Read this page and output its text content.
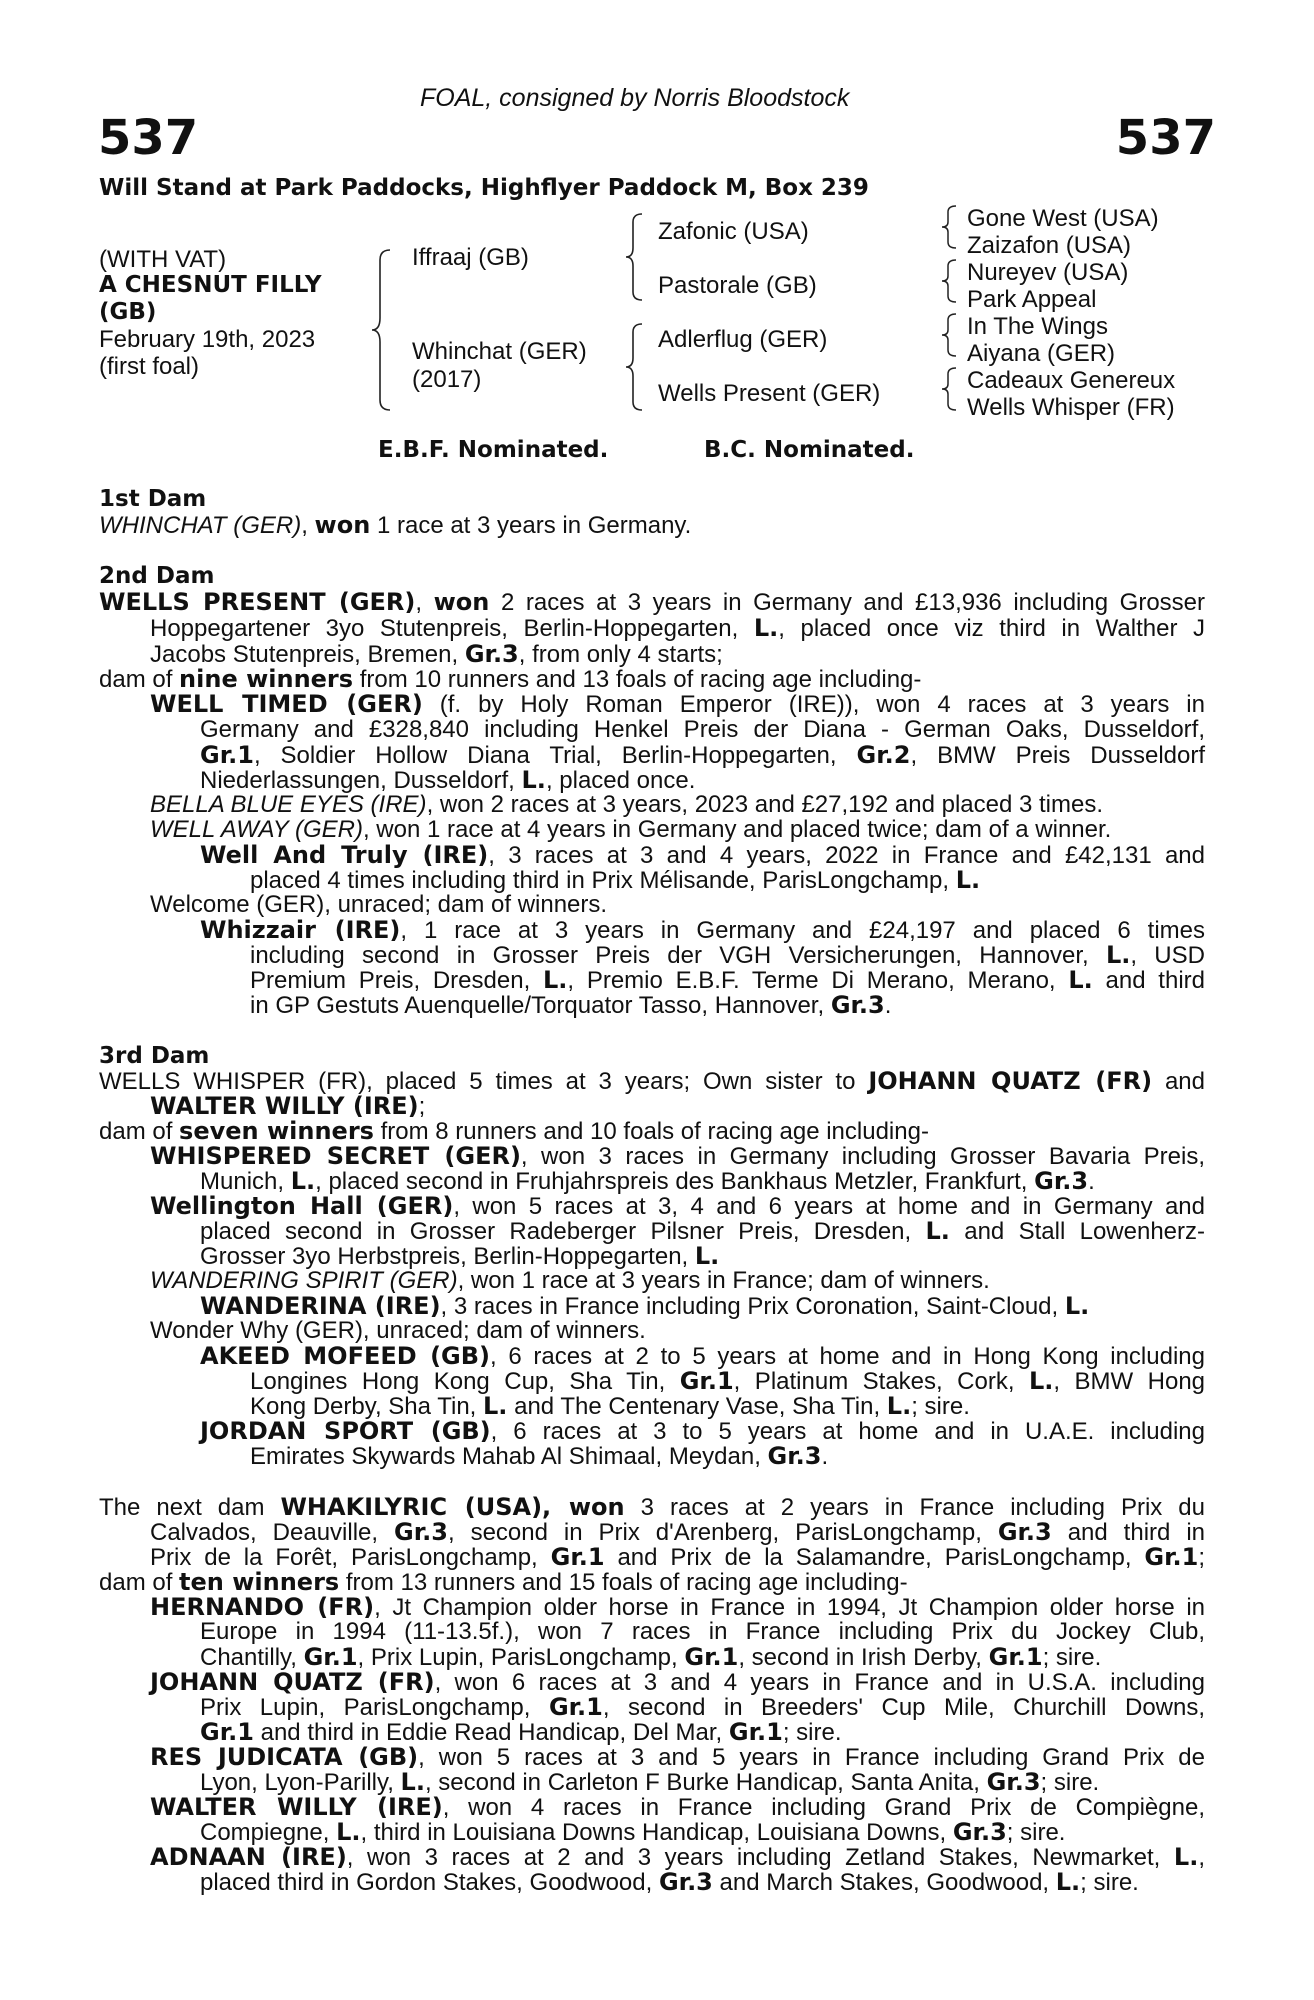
FOAL, consigned by Norris Bloodstock
537	537
Will Stand at Park Paddocks, Highflyer Paddock M, Box 239
(WITH VAT)
A CHESNUT FILLY
(GB)
February 19th, 2023
(first foal)
Iffraaj (GB)
Whinchat (GER)
(2017)
Zafonic (USA)
Pastorale (GB)
Adlerflug (GER)
Wells Present (GER)
Gone West (USA)
Zaizafon (USA)
Nureyev (USA)
Park Appeal
In The Wings
Aiyana (GER)
Cadeaux Genereux
Wells Whisper (FR)
E.B.F. Nominated.	B.C. Nominated.
1st Dam
WHINCHAT (GER), won 1 race at 3 years in Germany.
2nd Dam
WELLS PRESENT (GER), won 2 races at 3 years in Germany and £13,936 including Grosser
Hoppegartener 3yo Stutenpreis, Berlin-Hoppegarten, L., placed once viz third in Walther J
Jacobs Stutenpreis, Bremen, Gr.3, from only 4 starts;
dam of nine winners from 10 runners and 13 foals of racing age including-
WELL TIMED (GER) (f. by Holy Roman Emperor (IRE)), won 4 races at 3 years in
Germany and £328,840 including Henkel Preis der Diana - German Oaks, Dusseldorf,
Gr.1, Soldier Hollow Diana Trial, Berlin-Hoppegarten, Gr.2, BMW Preis Dusseldorf
Niederlassungen, Dusseldorf, L., placed once.
BELLA BLUE EYES (IRE), won 2 races at 3 years, 2023 and £27,192 and placed 3 times.
WELL AWAY (GER), won 1 race at 4 years in Germany and placed twice; dam of a winner.
Well And Truly (IRE), 3 races at 3 and 4 years, 2022 in France and £42,131 and
placed 4 times including third in Prix Mélisande, ParisLongchamp, L.
Welcome (GER), unraced; dam of winners.
Whizzair (IRE), 1 race at 3 years in Germany and £24,197 and placed 6 times
including second in Grosser Preis der VGH Versicherungen, Hannover, L., USD
Premium Preis, Dresden, L., Premio E.B.F. Terme Di Merano, Merano, L. and third
in GP Gestuts Auenquelle/Torquator Tasso, Hannover, Gr.3.
3rd Dam
WELLS WHISPER (FR), placed 5 times at 3 years; Own sister to JOHANN QUATZ (FR) and
WALTER WILLY (IRE);
dam of seven winners from 8 runners and 10 foals of racing age including-
WHISPERED SECRET (GER), won 3 races in Germany including Grosser Bavaria Preis,
Munich, L., placed second in Fruhjahrspreis des Bankhaus Metzler, Frankfurt, Gr.3.
Wellington Hall (GER), won 5 races at 3, 4 and 6 years at home and in Germany and
placed second in Grosser Radeberger Pilsner Preis, Dresden, L. and Stall Lowenherz-
Grosser 3yo Herbstpreis, Berlin-Hoppegarten, L.
WANDERING SPIRIT (GER), won 1 race at 3 years in France; dam of winners.
WANDERINA (IRE), 3 races in France including Prix Coronation, Saint-Cloud, L.
Wonder Why (GER), unraced; dam of winners.
AKEED MOFEED (GB), 6 races at 2 to 5 years at home and in Hong Kong including
Longines Hong Kong Cup, Sha Tin, Gr.1, Platinum Stakes, Cork, L., BMW Hong
Kong Derby, Sha Tin, L. and The Centenary Vase, Sha Tin, L.; sire.
JORDAN SPORT (GB), 6 races at 3 to 5 years at home and in U.A.E. including
Emirates Skywards Mahab Al Shimaal, Meydan, Gr.3.
The next dam WHAKILYRIC (USA), won 3 races at 2 years in France including Prix du
Calvados, Deauville, Gr.3, second in Prix d'Arenberg, ParisLongchamp, Gr.3 and third in
Prix de la Forêt, ParisLongchamp, Gr.1 and Prix de la Salamandre, ParisLongchamp, Gr.1;
dam of ten winners from 13 runners and 15 foals of racing age including-
HERNANDO (FR), Jt Champion older horse in France in 1994, Jt Champion older horse in
Europe in 1994 (11-13.5f.), won 7 races in France including Prix du Jockey Club,
Chantilly, Gr.1, Prix Lupin, ParisLongchamp, Gr.1, second in Irish Derby, Gr.1; sire.
JOHANN QUATZ (FR), won 6 races at 3 and 4 years in France and in U.S.A. including
Prix Lupin, ParisLongchamp, Gr.1, second in Breeders' Cup Mile, Churchill Downs,
Gr.1 and third in Eddie Read Handicap, Del Mar, Gr.1; sire.
RES JUDICATA (GB), won 5 races at 3 and 5 years in France including Grand Prix de
Lyon, Lyon-Parilly, L., second in Carleton F Burke Handicap, Santa Anita, Gr.3; sire.
WALTER WILLY (IRE), won 4 races in France including Grand Prix de Compiègne,
Compiegne, L., third in Louisiana Downs Handicap, Louisiana Downs, Gr.3; sire.
ADNAAN (IRE), won 3 races at 2 and 3 years including Zetland Stakes, Newmarket, L.,
placed third in Gordon Stakes, Goodwood, Gr.3 and March Stakes, Goodwood, L.; sire.
